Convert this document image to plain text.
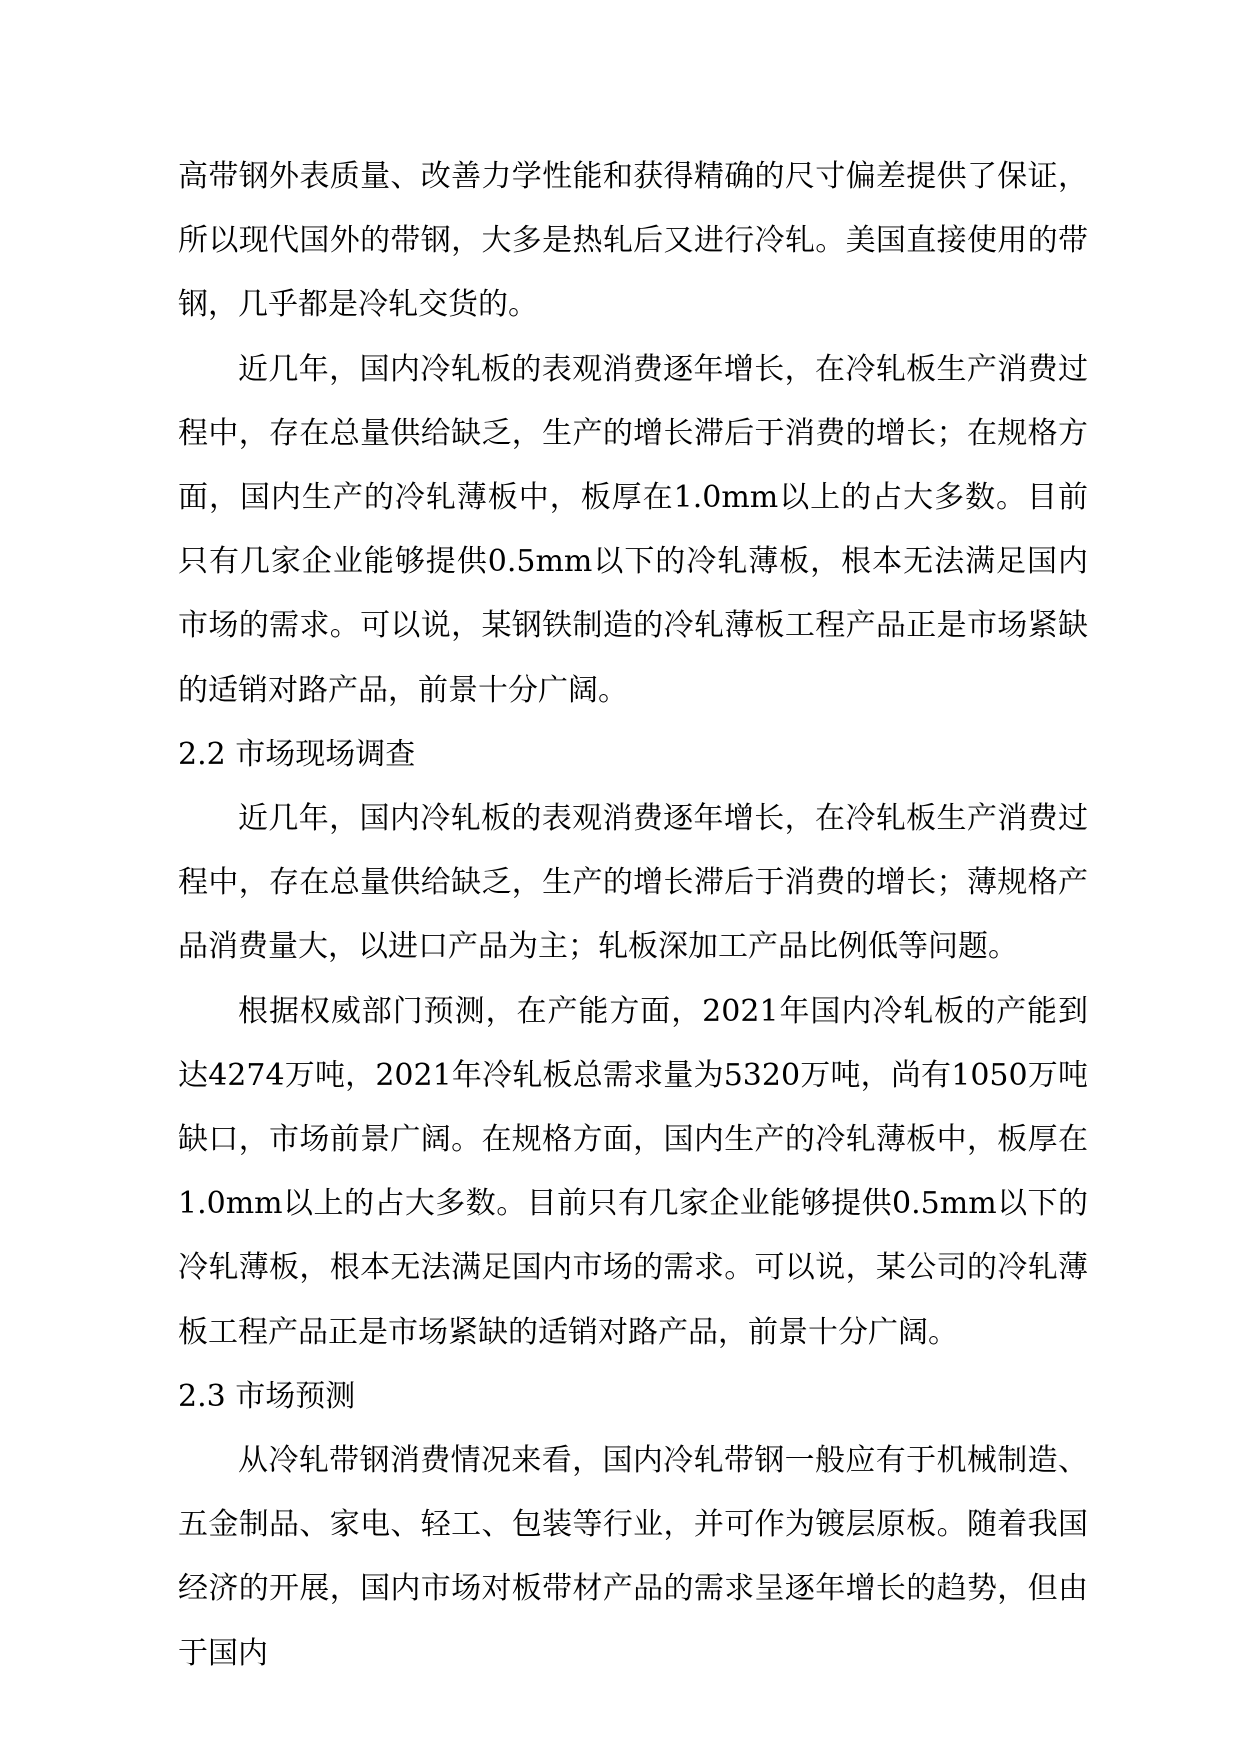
高带钢外表质量、改善力学性能和获得精确的尺寸偏差提供了保证，所以现代国外的带钢，大多是热轧后又进行冷轧。美国直接使用的带钢，几乎都是冷轧交货的。

近几年，国内冷轧板的表观消费逐年增长，在冷轧板生产消费过程中，存在总量供给缺乏，生产的增长滞后于消费的增长；在规格方面，国内生产的冷轧薄板中，板厚在1.0mm以上的占大多数。目前只有几家企业能够提供0.5mm以下的冷轧薄板，根本无法满足国内市场的需求。可以说，某钢铁制造的冷轧薄板工程产品正是市场紧缺的适销对路产品，前景十分广阔。

2.2 市场现场调查

近几年，国内冷轧板的表观消费逐年增长，在冷轧板生产消费过程中，存在总量供给缺乏，生产的增长滞后于消费的增长；薄规格产品消费量大，以进口产品为主；轧板深加工产品比例低等问题。

根据权威部门预测，在产能方面，2021年国内冷轧板的产能到达4274万吨，2021年冷轧板总需求量为5320万吨，尚有1050万吨缺口，市场前景广阔。在规格方面，国内生产的冷轧薄板中，板厚在1.0mm以上的占大多数。目前只有几家企业能够提供0.5mm以下的冷轧薄板，根本无法满足国内市场的需求。可以说，某公司的冷轧薄板工程产品正是市场紧缺的适销对路产品，前景十分广阔。

2.3 市场预测

从冷轧带钢消费情况来看，国内冷轧带钢一般应有于机械制造、五金制品、家电、轻工、包装等行业，并可作为镀层原板。随着我国经济的开展，国内市场对板带材产品的需求呈逐年增长的趋势，但由于国内
